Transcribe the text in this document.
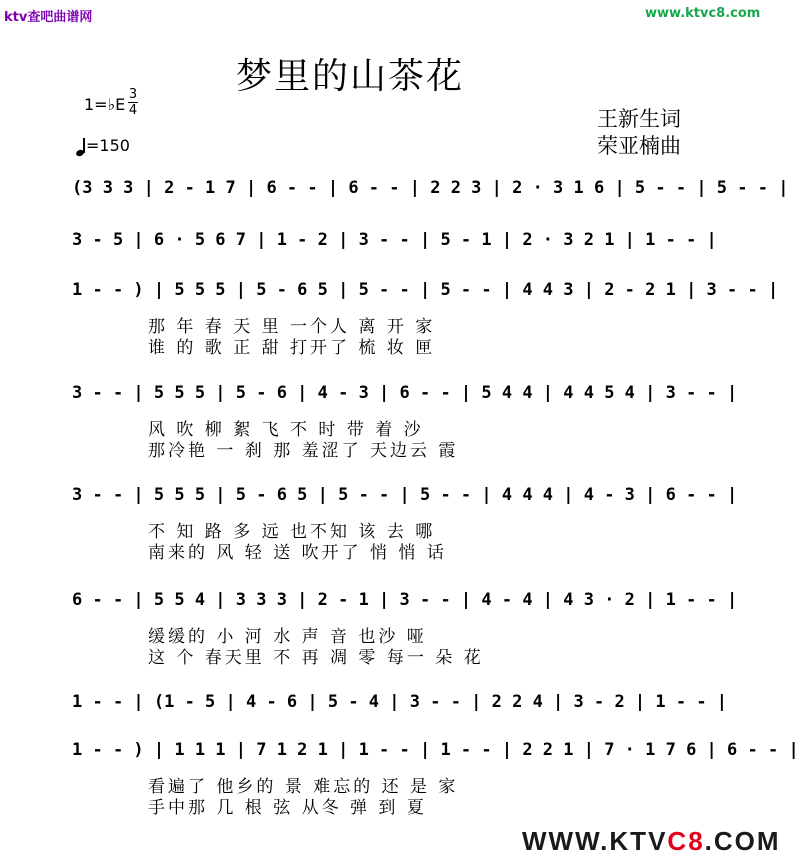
ktv查吧曲谱网	www.ktvc8.com
梦里的山茶花
1=♭E
3
4
=150
王新生词
荣亚楠曲
(3 3 3 | 2 - 1 7 | 6 - - | 6 - - | 2 2 3 | 2 · 3 1 6 | 5 - - | 5 - - |
3 - 5 | 6 · 5 6 7 | 1 - 2 | 3 - - | 5 - 1 | 2 · 3 2 1 | 1 - - |
1 - - ) | 5 5 5 | 5 - 6 5 | 5 - - | 5 - - | 4 4 3 | 2 - 2 1 | 3 - - |
那 年 春 天 里 一个人 离 开 家
谁 的 歌 正 甜 打开了 梳 妆 匣
3 - - | 5 5 5 | 5 - 6 | 4 - 3 | 6 - - | 5 4 4 | 4 4 5 4 | 3 - - |
风 吹 柳 絮 飞 不 时 带 着 沙
那冷艳 一 刹 那 羞涩了 天边云 霞
3 - - | 5 5 5 | 5 - 6 5 | 5 - - | 5 - - | 4 4 4 | 4 - 3 | 6 - - |
不 知 路 多 远 也不知 该 去 哪
南来的 风 轻 送 吹开了 悄 悄 话
6 - - | 5 5 4 | 3 3 3 | 2 - 1 | 3 - - | 4 - 4 | 4 3 · 2 | 1 - - |
缓缓的 小 河 水 声 音 也沙 哑
这 个 春天里 不 再 凋 零 每一 朵 花
1 - - | (1 - 5 | 4 - 6 | 5 - 4 | 3 - - | 2 2 4 | 3 - 2 | 1 - - |
1 - - ) | 1 1 1 | 7 1 2 1 | 1 - - | 1 - - | 2 2 1 | 7 · 1 7 6 | 6 - - |
看遍了 他乡的 景 难忘的 还 是 家
手中那 几 根 弦 从冬 弹 到 夏
WWW.KTVC8.COM
